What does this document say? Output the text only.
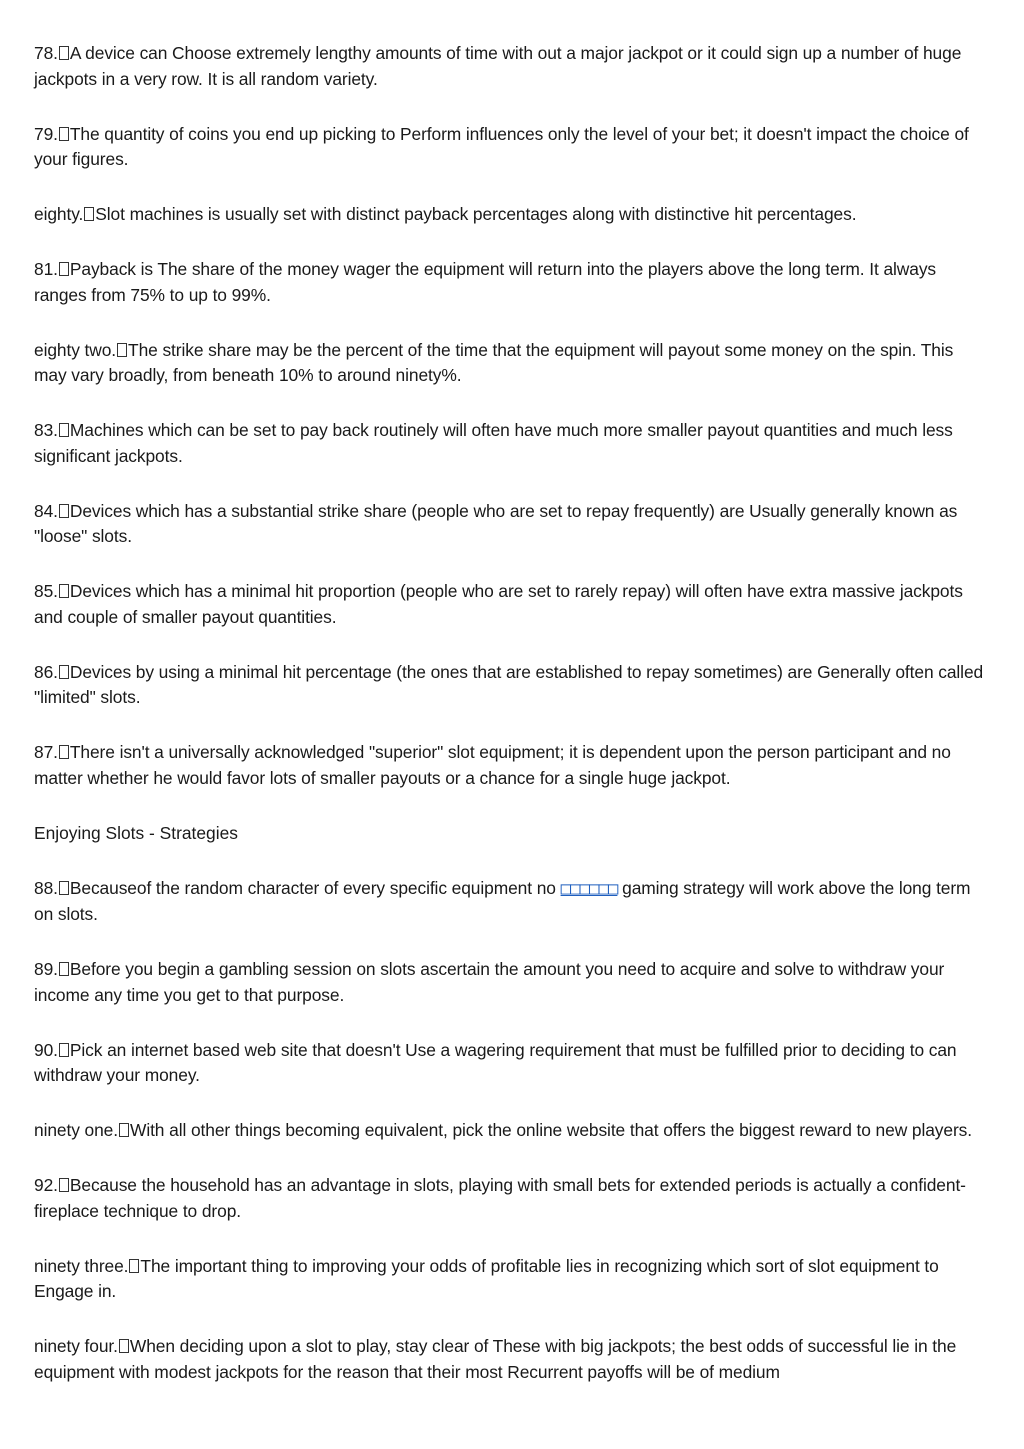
78. A device can Choose extremely lengthy amounts of time with out a major jackpot or it could sign up a number of huge jackpots in a very row. It is all random variety.

79. The quantity of coins you end up picking to Perform influences only the level of your bet; it doesn't impact the choice of your figures.

eighty. Slot machines is usually set with distinct payback percentages along with distinctive hit percentages.

81. Payback is The share of the money wager the equipment will return into the players above the long term. It always ranges from 75% to up to 99%.

eighty two. The strike share may be the percent of the time that the equipment will payout some money on the spin. This may vary broadly, from beneath 10% to around ninety%.

83. Machines which can be set to pay back routinely will often have much more smaller payout quantities and much less significant jackpots.

84. Devices which has a substantial strike share (people who are set to repay frequently) are Usually generally known as "loose" slots.

85. Devices which has a minimal hit proportion (people who are set to rarely repay) will often have extra massive jackpots and couple of smaller payout quantities.

86. Devices by using a minimal hit percentage (the ones that are established to repay sometimes) are Generally often called "limited" slots.

87. There isn't a universally acknowledged "superior" slot equipment; it is dependent upon the person participant and no matter whether he would favor lots of smaller payouts or a chance for a single huge jackpot.

Enjoying Slots - Strategies

88. Becauseof the random character of every specific equipment no □□□□□□ gaming strategy will work above the long term on slots.

89. Before you begin a gambling session on slots ascertain the amount you need to acquire and solve to withdraw your income any time you get to that purpose.

90. Pick an internet based web site that doesn't Use a wagering requirement that must be fulfilled prior to deciding to can withdraw your money.

ninety one. With all other things becoming equivalent, pick the online website that offers the biggest reward to new players.

92. Because the household has an advantage in slots, playing with small bets for extended periods is actually a confident-fireplace technique to drop.

ninety three. The important thing to improving your odds of profitable lies in recognizing which sort of slot equipment to Engage in.

ninety four. When deciding upon a slot to play, stay clear of These with big jackpots; the best odds of successful lie in the equipment with modest jackpots for the reason that their most Recurrent payoffs will be of medium
